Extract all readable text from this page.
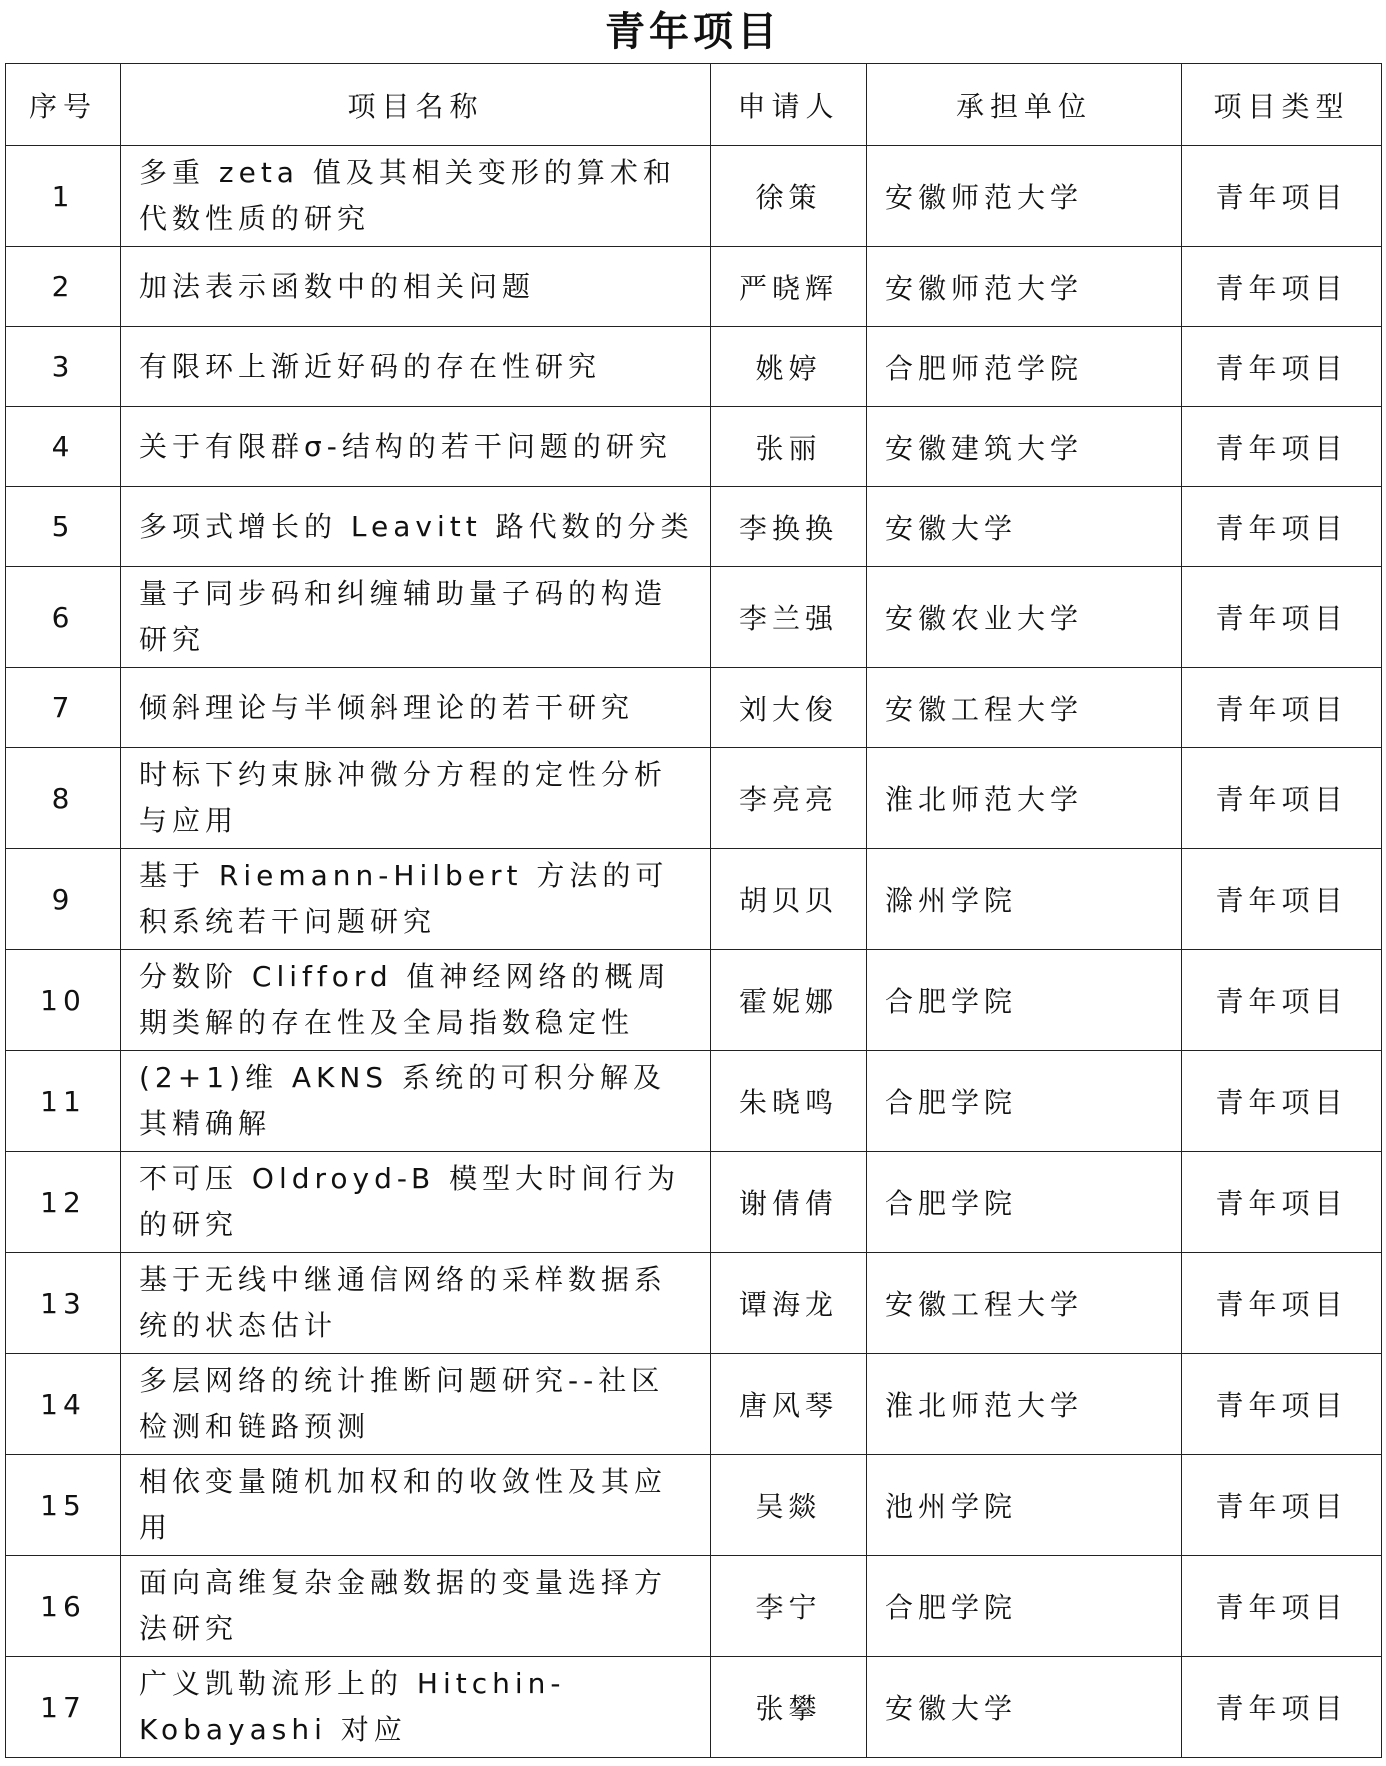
青年项目
序号	项目名称	申请人	承担单位	项目类型
1	多重 zeta 值及其相关变形的算术和代数性质的研究	徐策	安徽师范大学	青年项目
2	加法表示函数中的相关问题	严晓辉	安徽师范大学	青年项目
3	有限环上渐近好码的存在性研究	姚婷	合肥师范学院	青年项目
4	关于有限群σ-结构的若干问题的研究	张丽	安徽建筑大学	青年项目
5	多项式增长的 Leavitt 路代数的分类	李换换	安徽大学	青年项目
6	量子同步码和纠缠辅助量子码的构造研究	李兰强	安徽农业大学	青年项目
7	倾斜理论与半倾斜理论的若干研究	刘大俊	安徽工程大学	青年项目
8	时标下约束脉冲微分方程的定性分析与应用	李亮亮	淮北师范大学	青年项目
9	基于 Riemann-Hilbert 方法的可积系统若干问题研究	胡贝贝	滁州学院	青年项目
10	分数阶 Clifford 值神经网络的概周期类解的存在性及全局指数稳定性	霍妮娜	合肥学院	青年项目
11	(2+1)维 AKNS 系统的可积分解及其精确解	朱晓鸣	合肥学院	青年项目
12	不可压 Oldroyd-B 模型大时间行为的研究	谢倩倩	合肥学院	青年项目
13	基于无线中继通信网络的采样数据系统的状态估计	谭海龙	安徽工程大学	青年项目
14	多层网络的统计推断问题研究--社区检测和链路预测	唐风琴	淮北师范大学	青年项目
15	相依变量随机加权和的收敛性及其应用	吴燚	池州学院	青年项目
16	面向高维复杂金融数据的变量选择方法研究	李宁	合肥学院	青年项目
17	广义凯勒流形上的 Hitchin-Kobayashi 对应	张攀	安徽大学	青年项目
